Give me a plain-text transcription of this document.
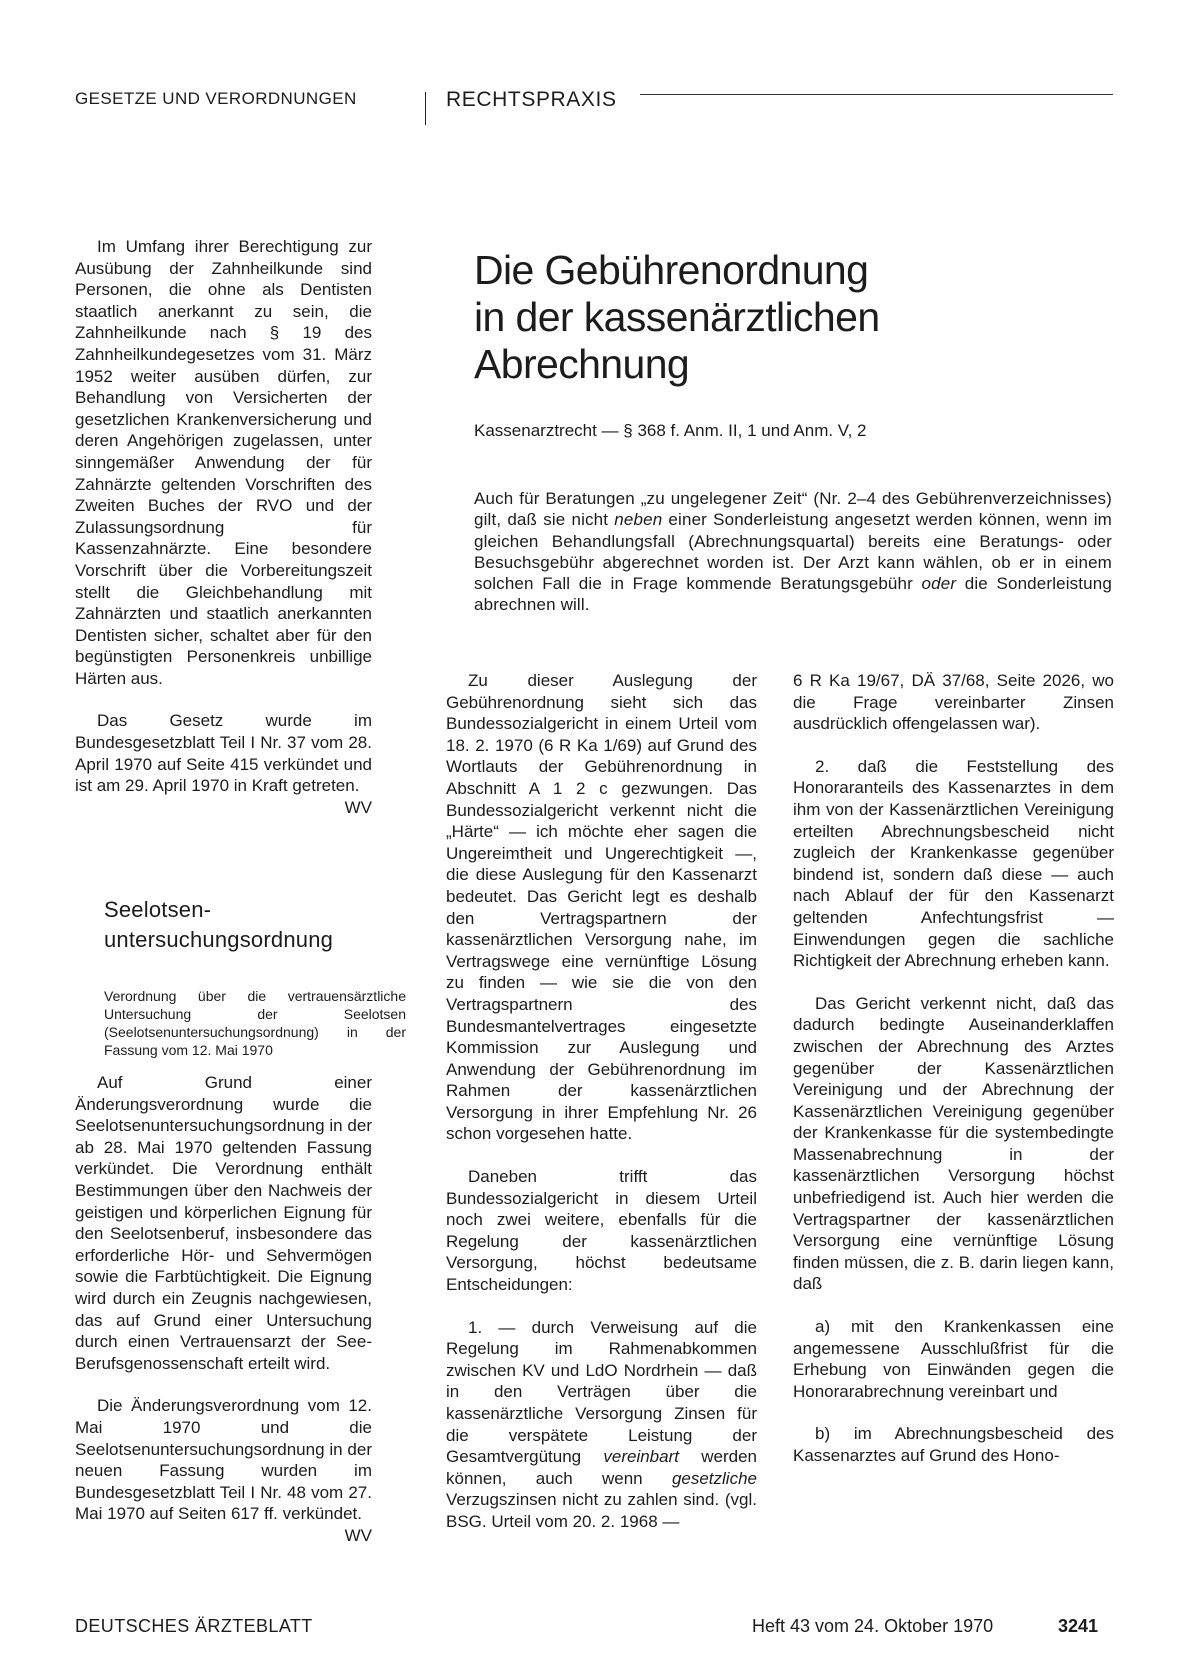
GESETZE UND VERORDNUNGEN	RECHTSPRAXIS

Im Umfang ihrer Berechtigung zur Ausübung der Zahnheilkunde sind Personen, die ohne als Dentisten staatlich anerkannt zu sein, die Zahnheilkunde nach § 19 des Zahnheilkundegesetzes vom 31. März 1952 weiter ausüben dürfen, zur Behandlung von Versicherten der gesetzlichen Krankenversicherung und deren Angehörigen zugelassen, unter sinngemäßer Anwendung der für Zahnärzte geltenden Vorschriften des Zweiten Buches der RVO und der Zulassungsordnung für Kassenzahnärzte. Eine besondere Vorschrift über die Vorbereitungszeit stellt die Gleichbehandlung mit Zahnärzten und staatlich anerkannten Dentisten sicher, schaltet aber für den begünstigten Personenkreis unbillige Härten aus.

Das Gesetz wurde im Bundesgesetzblatt Teil I Nr. 37 vom 28. April 1970 auf Seite 415 verkündet und ist am 29. April 1970 in Kraft getreten.
WV

Seelotsen-
untersuchungsordnung

Verordnung über die vertrauensärztliche Untersuchung der Seelotsen (Seelotsenuntersuchungsordnung) in der Fassung vom 12. Mai 1970

Auf Grund einer Änderungsverordnung wurde die Seelotsenuntersuchungsordnung in der ab 28. Mai 1970 geltenden Fassung verkündet. Die Verordnung enthält Bestimmungen über den Nachweis der geistigen und körperlichen Eignung für den Seelotsenberuf, insbesondere das erforderliche Hör- und Sehvermögen sowie die Farbtüchtigkeit. Die Eignung wird durch ein Zeugnis nachgewiesen, das auf Grund einer Untersuchung durch einen Vertrauensarzt der See-Berufsgenossenschaft erteilt wird.

Die Änderungsverordnung vom 12. Mai 1970 und die Seelotsenuntersuchungsordnung in der neuen Fassung wurden im Bundesgesetzblatt Teil I Nr. 48 vom 27. Mai 1970 auf Seiten 617 ff. verkündet.
WV

Die Gebührenordnung
in der kassenärztlichen
Abrechnung
Kassenarztrecht — § 368 f. Anm. II, 1 und Anm. V, 2

Auch für Beratungen „zu ungelegener Zeit“ (Nr. 2–4 des Gebührenverzeichnisses) gilt, daß sie nicht neben einer Sonderleistung angesetzt werden können, wenn im gleichen Behandlungsfall (Abrechnungsquartal) bereits eine Beratungs- oder Besuchsgebühr abgerechnet worden ist. Der Arzt kann wählen, ob er in einem solchen Fall die in Frage kommende Beratungsgebühr oder die Sonderleistung abrechnen will.

Zu dieser Auslegung der Gebührenordnung sieht sich das Bundessozialgericht in einem Urteil vom 18. 2. 1970 (6 R Ka 1/69) auf Grund des Wortlauts der Gebührenordnung in Abschnitt A 1 2 c gezwungen. Das Bundessozialgericht verkennt nicht die „Härte“ — ich möchte eher sagen die Ungereimtheit und Ungerechtigkeit —, die diese Auslegung für den Kassenarzt bedeutet. Das Gericht legt es deshalb den Vertragspartnern der kassenärztlichen Versorgung nahe, im Vertragswege eine vernünftige Lösung zu finden — wie sie die von den Vertragspartnern des Bundesmantelvertrages eingesetzte Kommission zur Auslegung und Anwendung der Gebührenordnung im Rahmen der kassenärztlichen Versorgung in ihrer Empfehlung Nr. 26 schon vorgesehen hatte.

Daneben trifft das Bundessozialgericht in diesem Urteil noch zwei weitere, ebenfalls für die Regelung der kassenärztlichen Versorgung, höchst bedeutsame Entscheidungen:

1. — durch Verweisung auf die Regelung im Rahmenabkommen zwischen KV und LdO Nordrhein — daß in den Verträgen über die kassenärztliche Versorgung Zinsen für die verspätete Leistung der Gesamtvergütung vereinbart werden können, auch wenn gesetzliche Verzugszinsen nicht zu zahlen sind. (vgl. BSG. Urteil vom 20. 2. 1968 —

6 R Ka 19/67, DÄ 37/68, Seite 2026, wo die Frage vereinbarter Zinsen ausdrücklich offengelassen war).

2. daß die Feststellung des Honoraranteils des Kassenarztes in dem ihm von der Kassenärztlichen Vereinigung erteilten Abrechnungsbescheid nicht zugleich der Krankenkasse gegenüber bindend ist, sondern daß diese — auch nach Ablauf der für den Kassenarzt geltenden Anfechtungsfrist — Einwendungen gegen die sachliche Richtigkeit der Abrechnung erheben kann.

Das Gericht verkennt nicht, daß das dadurch bedingte Auseinanderklaffen zwischen der Abrechnung des Arztes gegenüber der Kassenärztlichen Vereinigung und der Abrechnung der Kassenärztlichen Vereinigung gegenüber der Krankenkasse für die systembedingte Massenabrechnung in der kassenärztlichen Versorgung höchst unbefriedigend ist. Auch hier werden die Vertragspartner der kassenärztlichen Versorgung eine vernünftige Lösung finden müssen, die z. B. darin liegen kann, daß

a) mit den Krankenkassen eine angemessene Ausschlußfrist für die Erhebung von Einwänden gegen die Honorarabrechnung vereinbart und

b) im Abrechnungsbescheid des Kassenarztes auf Grund des Hono-

DEUTSCHES ÄRZTEBLATT	Heft 43 vom 24. Oktober 1970	3241
